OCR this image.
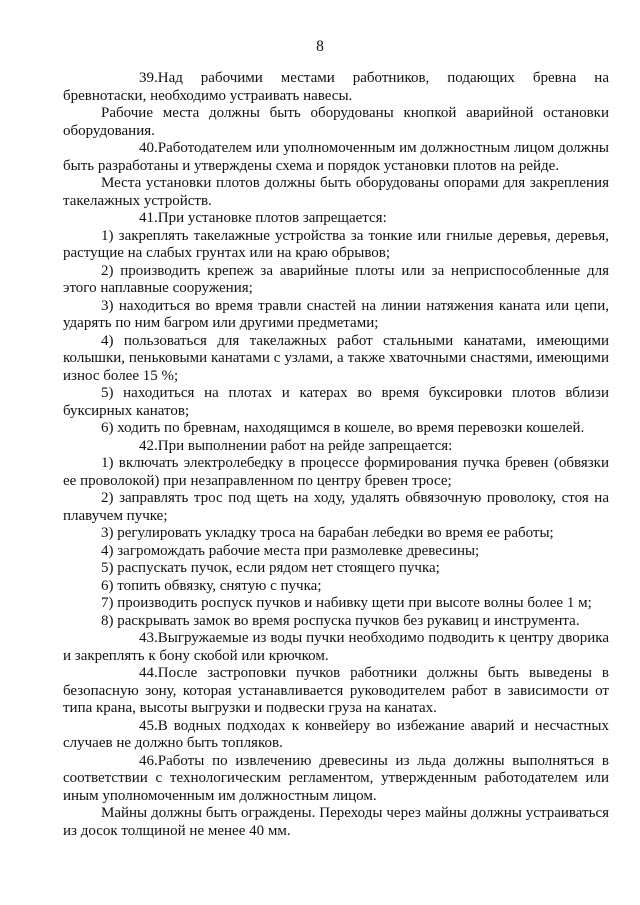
8

39.Над рабочими местами работников, подающих бревна на бревнотаски, необходимо устраивать навесы.

Рабочие места должны быть оборудованы кнопкой аварийной остановки оборудования.

40.Работодателем или уполномоченным им должностным лицом должны быть разработаны и утверждены схема и порядок установки плотов на рейде.

Места установки плотов должны быть оборудованы опорами для закрепления такелажных устройств.

41.При установке плотов запрещается:

1) закреплять такелажные устройства за тонкие или гнилые деревья, деревья, растущие на слабых грунтах или на краю обрывов;

2) производить крепеж за аварийные плоты или за неприспособленные для этого наплавные сооружения;

3) находиться во время травли снастей на линии натяжения каната или цепи, ударять по ним багром или другими предметами;

4) пользоваться для такелажных работ стальными канатами, имеющими колышки, пеньковыми канатами с узлами, а также хваточными снастями, имеющими износ более 15 %;

5) находиться на плотах и катерах во время буксировки плотов вблизи буксирных канатов;

6) ходить по бревнам, находящимся в кошеле, во время перевозки кошелей.

42.При выполнении работ на рейде запрещается:

1) включать электролебедку в процессе формирования пучка бревен (обвязки ее проволокой) при незаправленном по центру бревен тросе;

2) заправлять трос под щеть на ходу, удалять обвязочную проволоку, стоя на плавучем пучке;

3) регулировать укладку троса на барабан лебедки во время ее работы;

4) загромождать рабочие места при размолевке древесины;

5) распускать пучок, если рядом нет стоящего пучка;

6) топить обвязку, снятую с пучка;

7) производить роспуск пучков и набивку щети при высоте волны более 1 м;

8) раскрывать замок во время роспуска пучков без рукавиц и инструмента.

43.Выгружаемые из воды пучки необходимо подводить к центру дворика и закреплять к бону скобой или крючком.

44.После застроповки пучков работники должны быть выведены в безопасную зону, которая устанавливается руководителем работ в зависимости от типа крана, высоты выгрузки и подвески груза на канатах.

45.В водных подходах к конвейеру во избежание аварий и несчастных случаев не должно быть топляков.

46.Работы по извлечению древесины из льда должны выполняться в соответствии с технологическим регламентом, утвержденным работодателем или иным уполномоченным им должностным лицом.

Майны должны быть ограждены. Переходы через майны должны устраиваться из досок толщиной не менее 40 мм.
